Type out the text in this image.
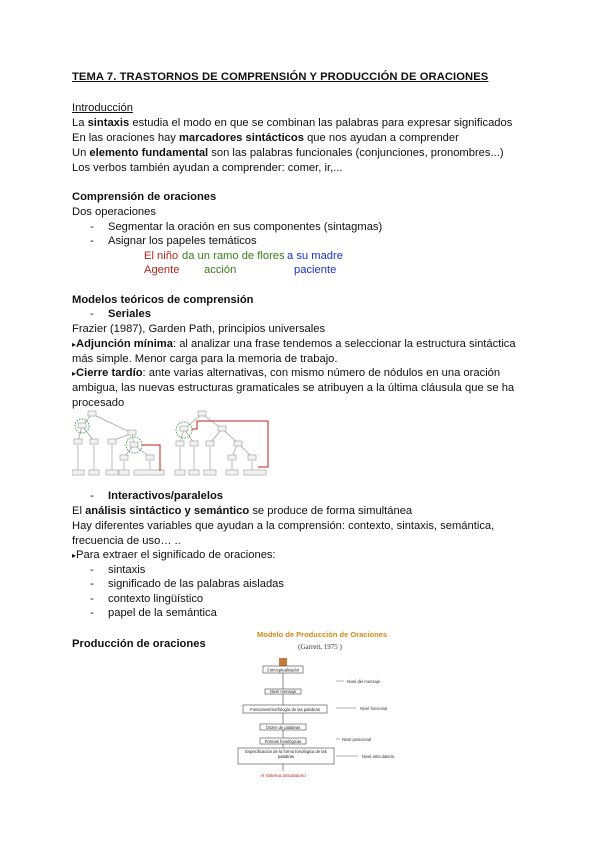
TEMA 7. TRASTORNOS DE COMPRENSIÓN Y PRODUCCIÓN DE ORACIONES
Introducción
La sintaxis estudia el modo en que se combinan las palabras para expresar significados
En las oraciones hay marcadores sintácticos que nos ayudan a comprender
Un elemento fundamental son las palabras funcionales (conjunciones, pronombres...)
Los verbos también ayudan a comprender: comer, ir,...
Comprensión de oraciones
Dos operaciones
- Segmentar la oración en sus componentes (sintagmas)
- Asignar los papeles temáticos
El niño da un ramo de flores a su madre
Agente acción	paciente
Modelos teóricos de comprensión
- Seriales
Frazier (1987), Garden Path, principios universales
▸Adjunción mínima: al analizar una frase tendemos a seleccionar la estructura sintáctica
más simple. Menor carga para la memoria de trabajo.
▸Cierre tardío: ante varias alternativas, con mismo número de nódulos en una oración
ambigua, las nuevas estructuras gramaticales se atribuyen a la última cláusula que se ha
procesado
- Interactivos/paralelos
El análisis sintáctico y semántico se produce de forma simultánea
Hay diferentes variables que ayudan a la comprensión: contexto, sintaxis, semántica,
frecuencia de uso… ..
▸Para extraer el significado de oraciones:
- sintaxis
- significado de las palabras aisladas
- contexto lingüístico
- papel de la semántica
Producción de oraciones
Modelo de Producción de Oraciones
(Garrett, 1975 )
Conceptualizador
Nivel mensaje
Funciones/morfología de las palabras
Orden de palabras
Formas fonológicas
Especificación de la forma fonológica de las palabras
Nivel del mensaje
Nivel funcional
Nivel posicional
Nivel articulatorio
Al sistema articulatorio
